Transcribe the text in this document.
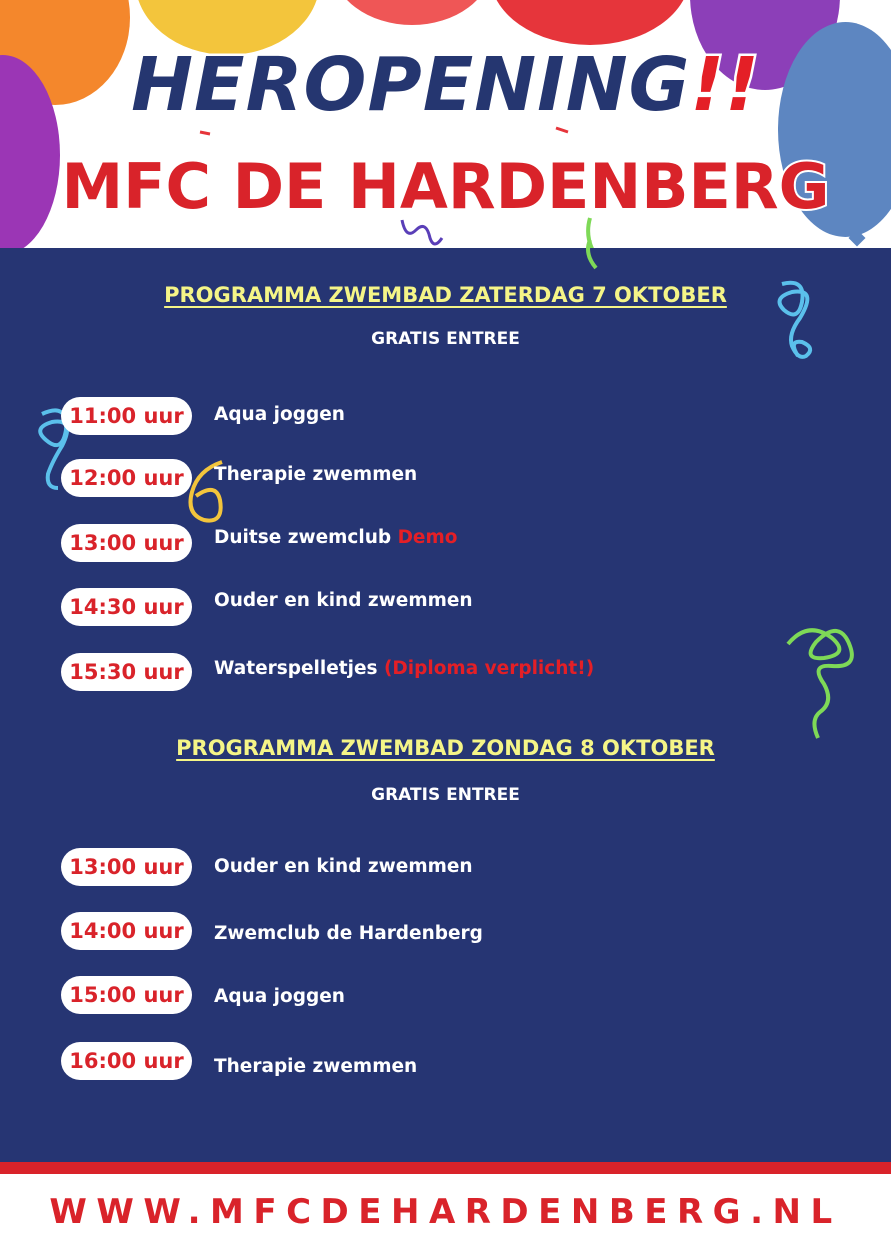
HEROPENING!!
MFC DE HARDENBERG
PROGRAMMA ZWEMBAD ZATERDAG 7 OKTOBER
GRATIS ENTREE
11:00 uur	Aqua joggen
12:00 uur	Therapie zwemmen
13:00 uur	Duitse zwemclub Demo
14:30 uur	Ouder en kind zwemmen
15:30 uur	Waterspelletjes (Diploma verplicht!)
PROGRAMMA ZWEMBAD ZONDAG 8 OKTOBER
GRATIS ENTREE
13:00 uur	Ouder en kind zwemmen
14:00 uur	Zwemclub de Hardenberg
15:00 uur	Aqua joggen
16:00 uur	Therapie zwemmen
WWW.MFCDEHARDENBERG.NL
